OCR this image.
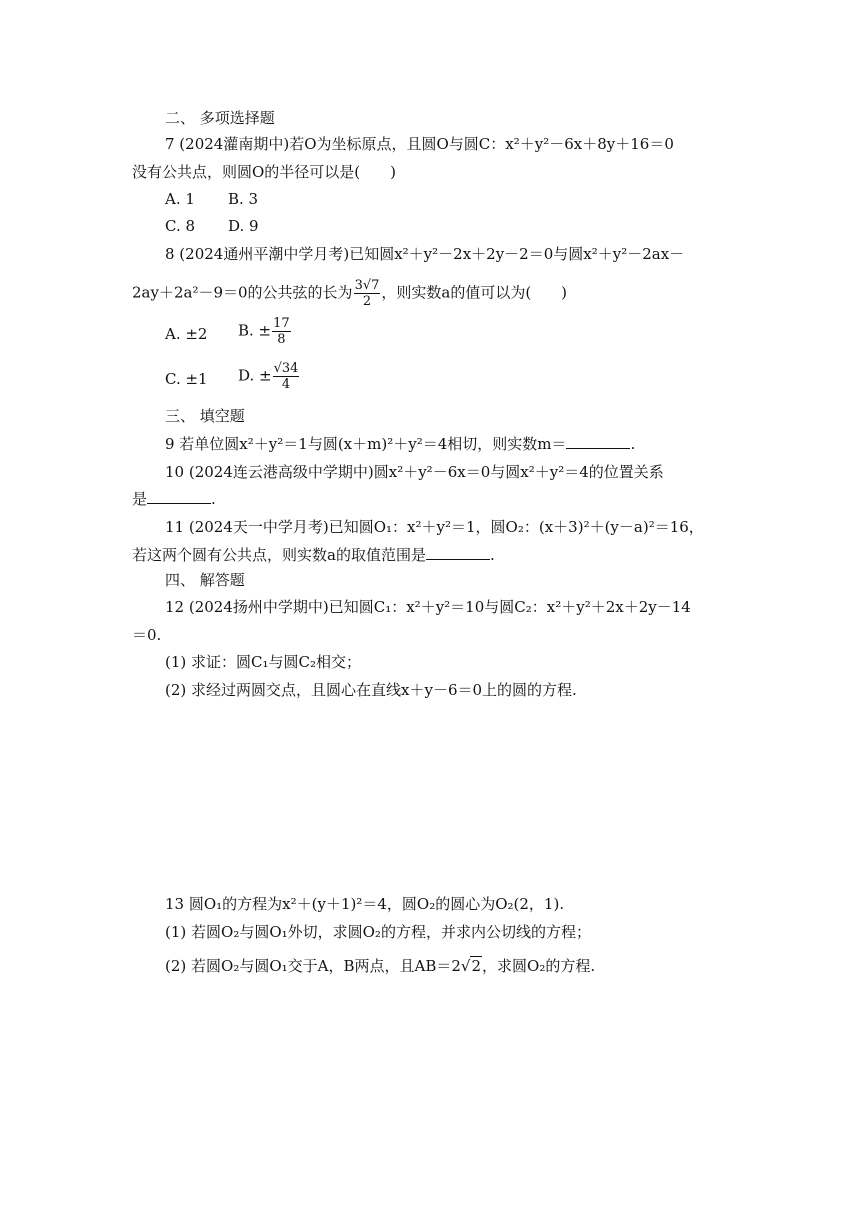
二、 多项选择题
7 (2024灌南期中)若O为坐标原点，且圆O与圆C：x²＋y²－6x＋8y＋16＝0
没有公共点，则圆O的半径可以是(　　)
A. 1 B. 3
C. 8 D. 9
8 (2024通州平潮中学月考)已知圆x²＋y²－2x＋2y－2＝0与圆x²＋y²－2ax－
2ay＋2a²－9＝0的公共弦的长为 $\frac{3√7}{2}$ ，则实数a的值可以为(　　)
A. ±2 B. ± $\frac{17}{8}$
C. ±1 D. ± $\frac{√34}{4}$
三、 填空题
9 若单位圆x²＋y²＝1与圆(x＋m)²＋y²＝4相切，则实数m＝	.
10 (2024连云港高级中学期中)圆x²＋y²－6x＝0与圆x²＋y²＝4的位置关系
是	.
11 (2024天一中学月考)已知圆O₁：x²＋y²＝1，圆O₂：(x＋3)²＋(y－a)²＝16，
若这两个圆有公共点，则实数a的取值范围是	.
四、 解答题
12 (2024扬州中学期中)已知圆C₁：x²＋y²＝10与圆C₂：x²＋y²＋2x＋2y－14
＝0.
(1) 求证：圆C₁与圆C₂相交；
(2) 求经过两圆交点，且圆心在直线x＋y－6＝0上的圆的方程.
13 圆O₁的方程为x²＋(y＋1)²＝4，圆O₂的圆心为O₂(2，1).
(1) 若圆O₂与圆O₁外切，求圆O₂的方程，并求内公切线的方程；
(2) 若圆O₂与圆O₁交于A，B两点，且AB＝2√2，求圆O₂的方程.
